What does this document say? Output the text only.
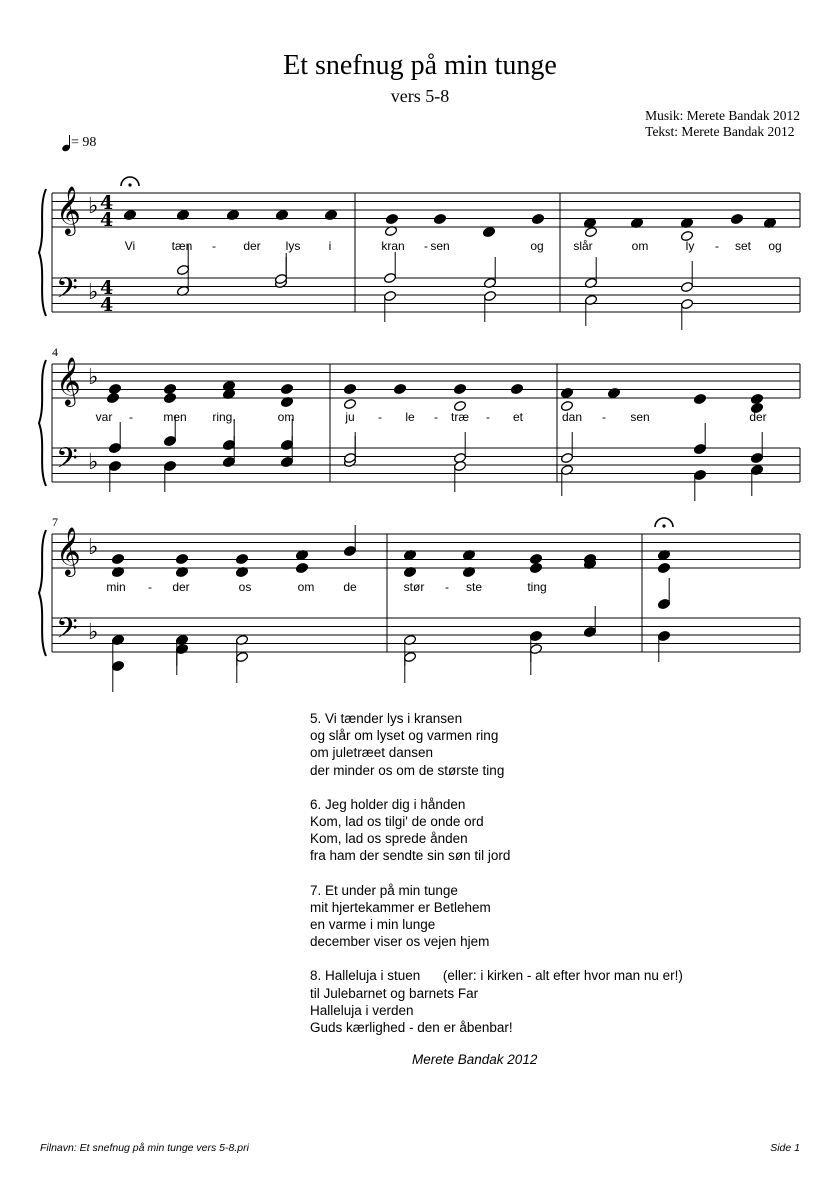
Et snefnug på min tunge
vers 5-8
Musik: Merete Bandak 2012
Tekst: Merete Bandak 2012
= 98
𝄞
𝄢
♭
♭
4
4
4
4
Vi	tæn - der lys i	kran - sen	og slår	om	ly - set og
𝄞
𝄢
♭
♭
4
var -	men ring,	om	ju - le - træ - et	dan - sen	der
𝄞
𝄢
♭
♭
7
min - der	os	om de	stør - ste	ting
5. Vi tænder lys i kransen
og slår om lyset og varmen ring
om juletræet dansen
der minder os om de største ting
6. Jeg holder dig i hånden
Kom, lad os tilgi' de onde ord
Kom, lad os sprede ånden
fra ham der sendte sin søn til jord
7. Et under på min tunge
mit hjertekammer er Betlehem
en varme i min lunge
december viser os vejen hjem
8. Halleluja i stuen      (eller: i kirken - alt efter hvor man nu er!)
til Julebarnet og barnets Far
Halleluja i verden
Guds kærlighed - den er åbenbar!
Merete Bandak 2012
Filnavn: Et snefnug på min tunge vers 5-8.pri	Side 1
